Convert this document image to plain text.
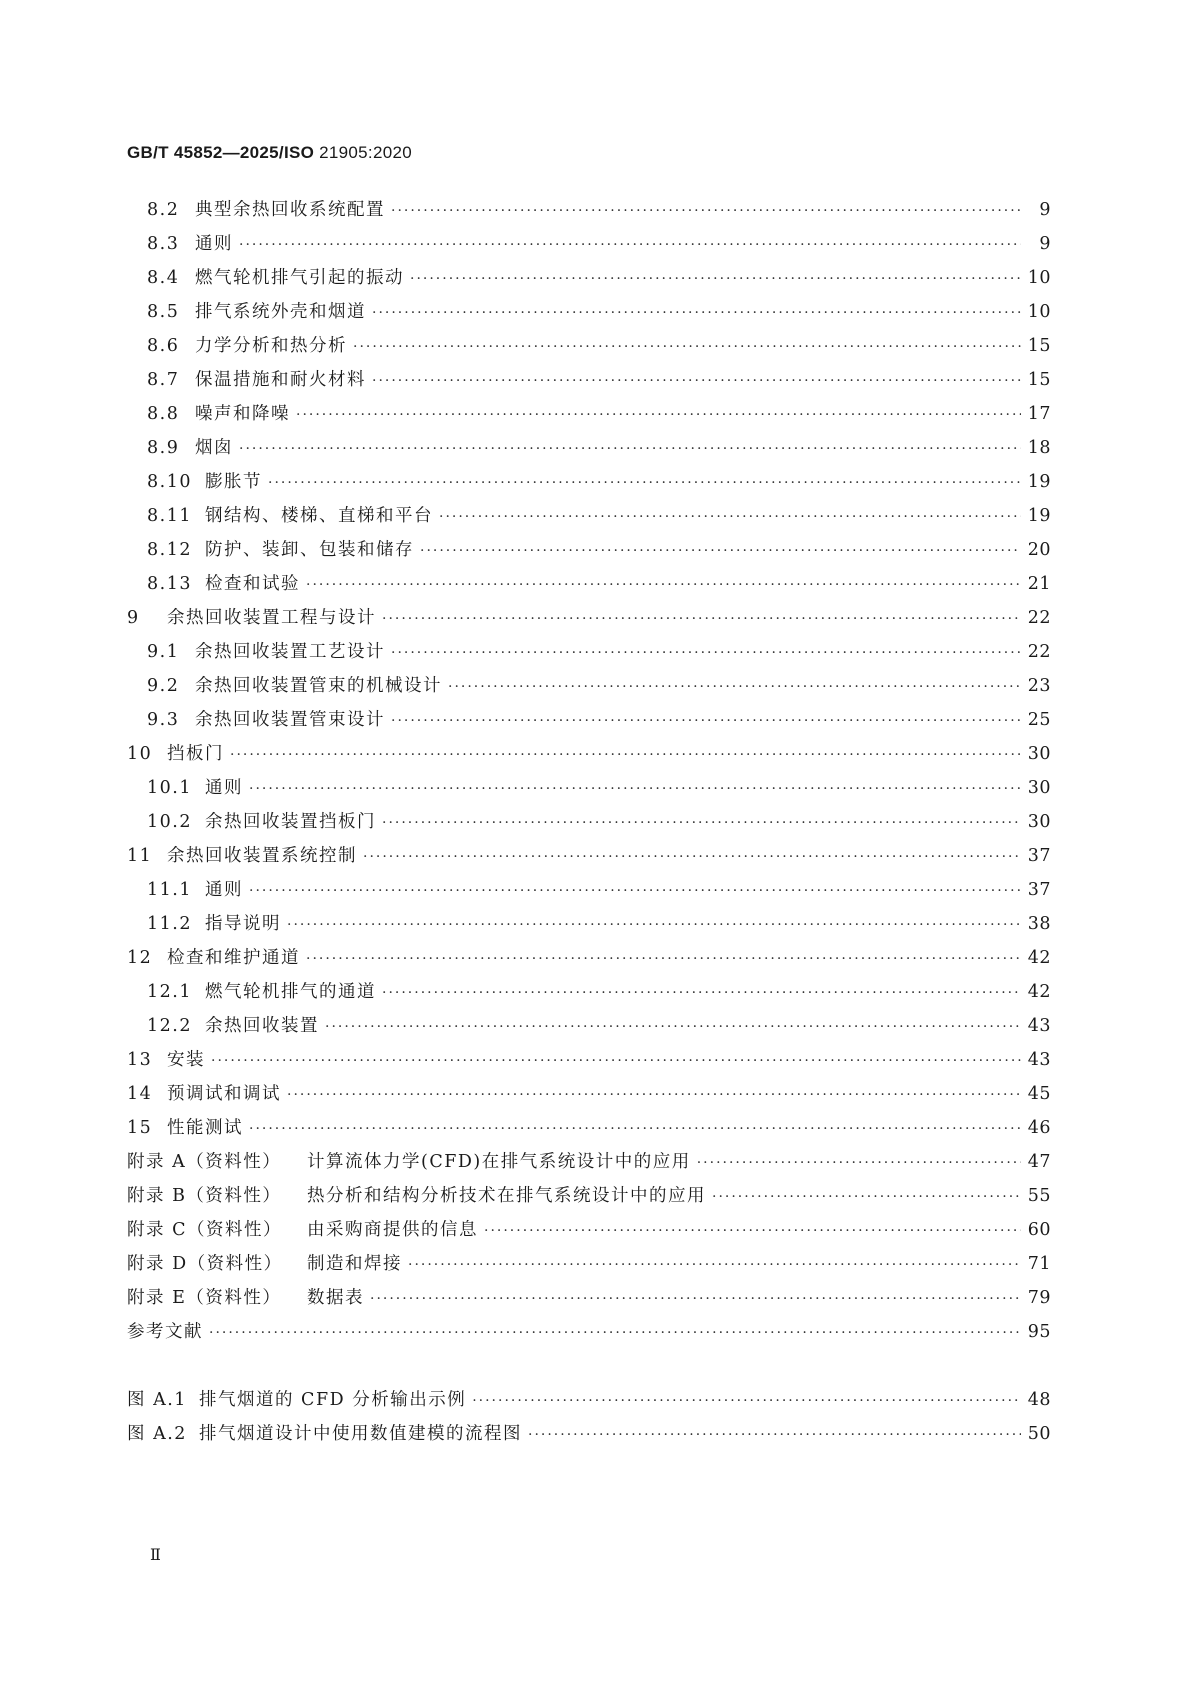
GB/T 45852—2025/ISO 21905:2020
8.2 典型余热回收系统配置 ·····	9
8.3 通则 ·····	9
8.4 燃气轮机排气引起的振动 ·····	10
8.5 排气系统外壳和烟道 ·····	10
8.6 力学分析和热分析 ·····	15
8.7 保温措施和耐火材料 ·····	15
8.8 噪声和降噪 ·····	17
8.9 烟囱 ·····	18
8.10 膨胀节 ·····	19
8.11 钢结构、楼梯、直梯和平台 ·····	19
8.12 防护、装卸、包装和储存 ·····	20
8.13 检查和试验 ·····	21
9	余热回收装置工程与设计 ·····	22
9.1 余热回收装置工艺设计 ·····	22
9.2 余热回收装置管束的机械设计 ·····	23
9.3 余热回收装置管束设计 ·····	25
10 挡板门 ·····	30
10.1 通则 ·····	30
10.2 余热回收装置挡板门 ·····	30
11 余热回收装置系统控制 ·····	37
11.1 通则 ·····	37
11.2 指导说明 ·····	38
12 检查和维护通道 ·····	42
12.1 燃气轮机排气的通道 ·····	42
12.2 余热回收装置 ·····	43
13 安装 ·····	43
14 预调试和调试 ·····	45
15 性能测试 ·····	46
附录 A（资料性）	计算流体力学(CFD)在排气系统设计中的应用 ·····	47
附录 B（资料性）	热分析和结构分析技术在排气系统设计中的应用 ·····	55
附录 C（资料性）	由采购商提供的信息 ·····	60
附录 D（资料性）	制造和焊接 ·····	71
附录 E（资料性）	数据表 ·····	79
参考文献 ·····	95
图 A.1 排气烟道的 CFD 分析输出示例 ·····	48
图 A.2 排气烟道设计中使用数值建模的流程图 ·····	50
Ⅱ
